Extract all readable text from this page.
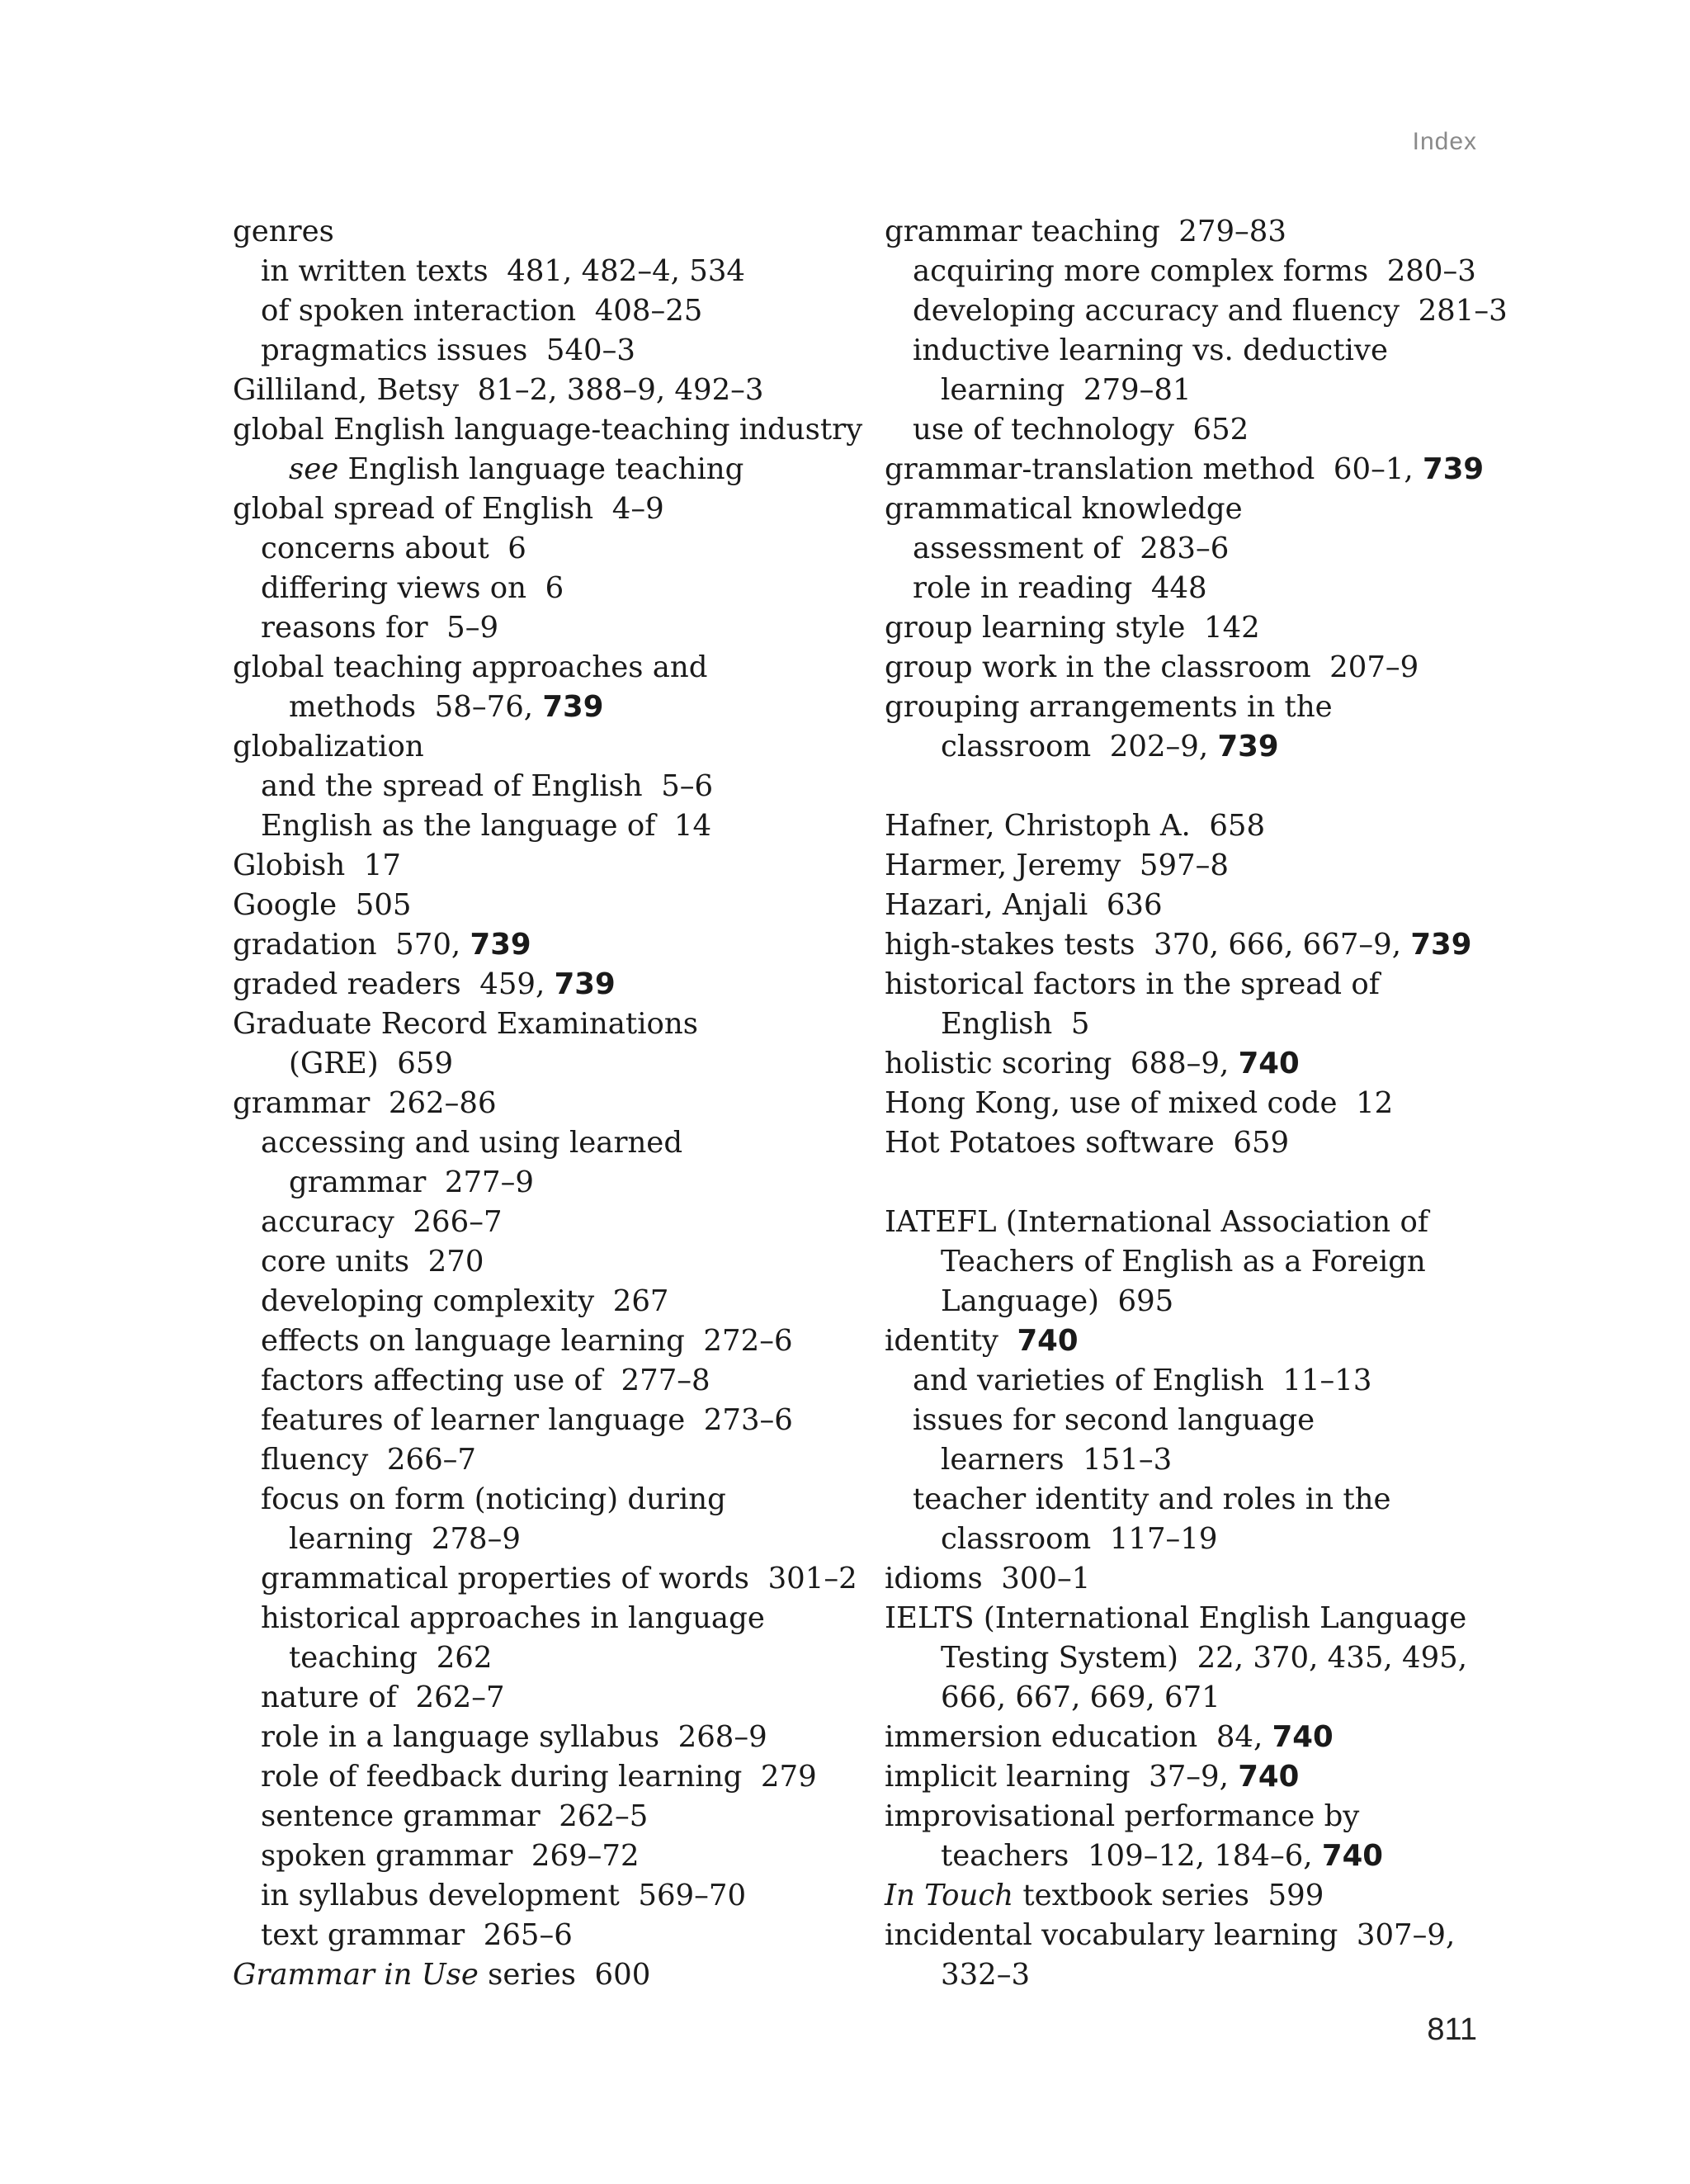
Index
genres
in written texts  481, 482–4, 534
of spoken interaction  408–25
pragmatics issues  540–3
Gilliland, Betsy  81–2, 388–9, 492–3
global English language-teaching industry
see English language teaching
global spread of English  4–9
concerns about  6
differing views on  6
reasons for  5–9
global teaching approaches and
methods  58–76, 739
globalization
and the spread of English  5–6
English as the language of  14
Globish  17
Google  505
gradation  570, 739
graded readers  459, 739
Graduate Record Examinations
(GRE)  659
grammar  262–86
accessing and using learned
grammar  277–9
accuracy  266–7
core units  270
developing complexity  267
effects on language learning  272–6
factors affecting use of  277–8
features of learner language  273–6
fluency  266–7
focus on form (noticing) during
learning  278–9
grammatical properties of words  301–2
historical approaches in language
teaching  262
nature of  262–7
role in a language syllabus  268–9
role of feedback during learning  279
sentence grammar  262–5
spoken grammar  269–72
in syllabus development  569–70
text grammar  265–6
Grammar in Use series  600
grammar teaching  279–83
acquiring more complex forms  280–3
developing accuracy and fluency  281–3
inductive learning vs. deductive
learning  279–81
use of technology  652
grammar-translation method  60–1, 739
grammatical knowledge
assessment of  283–6
role in reading  448
group learning style  142
group work in the classroom  207–9
grouping arrangements in the
classroom  202–9, 739
Hafner, Christoph A.  658
Harmer, Jeremy  597–8
Hazari, Anjali  636
high-stakes tests  370, 666, 667–9, 739
historical factors in the spread of
English  5
holistic scoring  688–9, 740
Hong Kong, use of mixed code  12
Hot Potatoes software  659
IATEFL (International Association of
Teachers of English as a Foreign
Language)  695
identity  740
and varieties of English  11–13
issues for second language
learners  151–3
teacher identity and roles in the
classroom  117–19
idioms  300–1
IELTS (International English Language
Testing System)  22, 370, 435, 495,
666, 667, 669, 671
immersion education  84, 740
implicit learning  37–9, 740
improvisational performance by
teachers  109–12, 184–6, 740
In Touch textbook series  599
incidental vocabulary learning  307–9,
332–3
811
